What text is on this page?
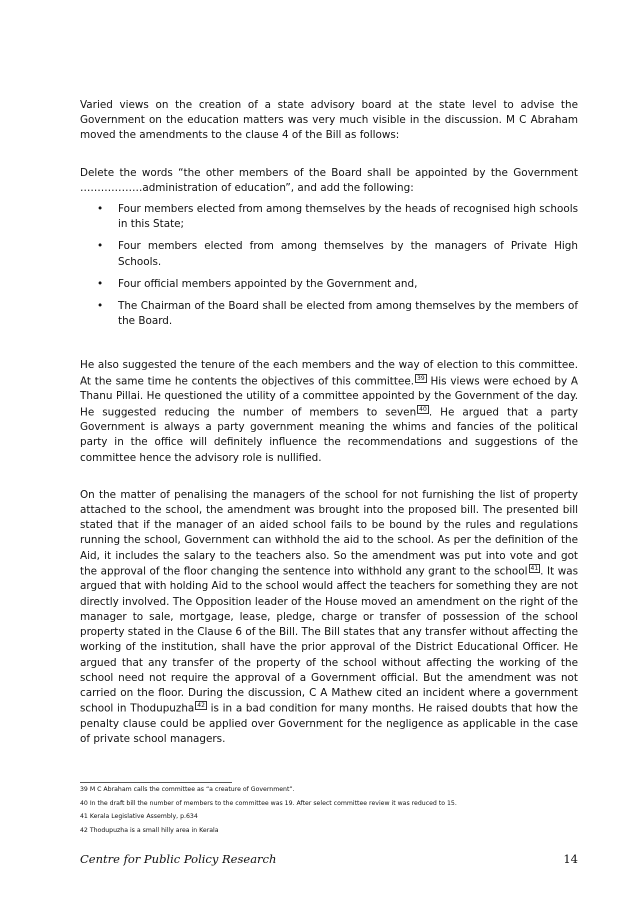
Varied views on the creation of a state advisory board at the state level to advise the Government on the education matters was very much visible in the discussion. M C Abraham moved the amendments to the clause 4 of the Bill as follows:

Delete the words “the other members of the Board shall be appointed by the Government ………………administration of education”, and add the following:

• Four members elected from among themselves by the heads of recognised high schools in this State;
• Four members elected from among themselves by the managers of Private High Schools.
• Four official members appointed by the Government and,
• The Chairman of the Board shall be elected from among themselves by the members of the Board.

He also suggested the tenure of the each members and the way of election to this committee. At the same time he contents the objectives of this committee. 39 His views were echoed by A Thanu Pillai. He questioned the utility of a committee appointed by the Government of the day. He suggested reducing the number of members to seven 40 . He argued that a party Government is always a party government meaning the whims and fancies of the political party in the office will definitely influence the recommendations and suggestions of the committee hence the advisory role is nullified.

On the matter of penalising the managers of the school for not furnishing the list of property attached to the school, the amendment was brought into the proposed bill. The presented bill stated that if the manager of an aided school fails to be bound by the rules and regulations running the school, Government can withhold the aid to the school. As per the definition of the Aid, it includes the salary to the teachers also. So the amendment was put into vote and got the approval of the floor changing the sentence into withhold any grant to the school 41 . It was argued that with holding Aid to the school would affect the teachers for something they are not directly involved. The Opposition leader of the House moved an amendment on the right of the manager to sale, mortgage, lease, pledge, charge or transfer of possession of the school property stated in the Clause 6 of the Bill. The Bill states that any transfer without affecting the working of the institution, shall have the prior approval of the District Educational Officer. He argued that any transfer of the property of the school without affecting the working of the school need not require the approval of a Government official. But the amendment was not carried on the floor. During the discussion, C A Mathew cited an incident where a government school in Thodupuzha 42 is in a bad condition for many months. He raised doubts that how the penalty clause could be applied over Government for the negligence as applicable in the case of private school managers.

39 M C Abraham calls the committee as “a creature of Government”.
40 In the draft bill the number of members to the committee was 19. After select committee review it was reduced to 15.
41 Kerala Legislative Assembly, p.634
42 Thodupuzha is a small hilly area in Kerala
Centre for Public Policy Research	14
